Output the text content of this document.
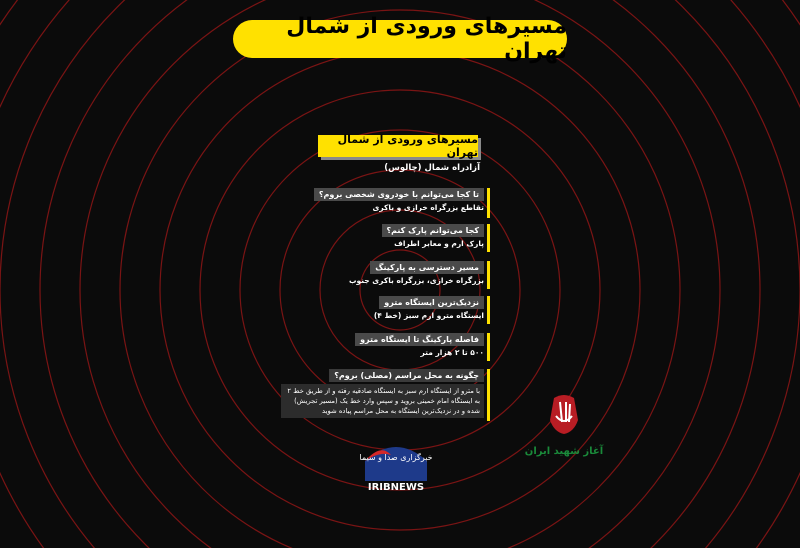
مسیرهای ورودی از شمال تهران
مسیرهای ورودی از شمال تهران
آزادراه شمال (چالوس)
تا کجا می‌توانم با خودروی شخصی بروم؟
تقاطع بزرگراه خرازی و باکری
کجا می‌توانم پارک کنم؟
پارک ارم و معابر اطراف
مسیر دسترسی به پارکینگ
بزرگراه خرازی، بزرگراه باکری جنوب
نزدیک‌ترین ایستگاه مترو
ایستگاه مترو ارم سبز (خط ۴)
فاصله پارکینگ تا ایستگاه مترو
۵۰۰ تا ۲ هزار متر
چگونه به محل مراسم (مصلی) بروم؟
با مترو از ایستگاه ارم سبز به ایستگاه صادقیه رفته و از طریق خط ۲ به ایستگاه امام خمینی بروید و سپس وارد خط یک (مسیر تجریش) شده و در نزدیک‌ترین ایستگاه به محل مراسم پیاده شوید
خبرگزاری صدا و سیما
IRIBNEWS
آغاز شهید ایران
